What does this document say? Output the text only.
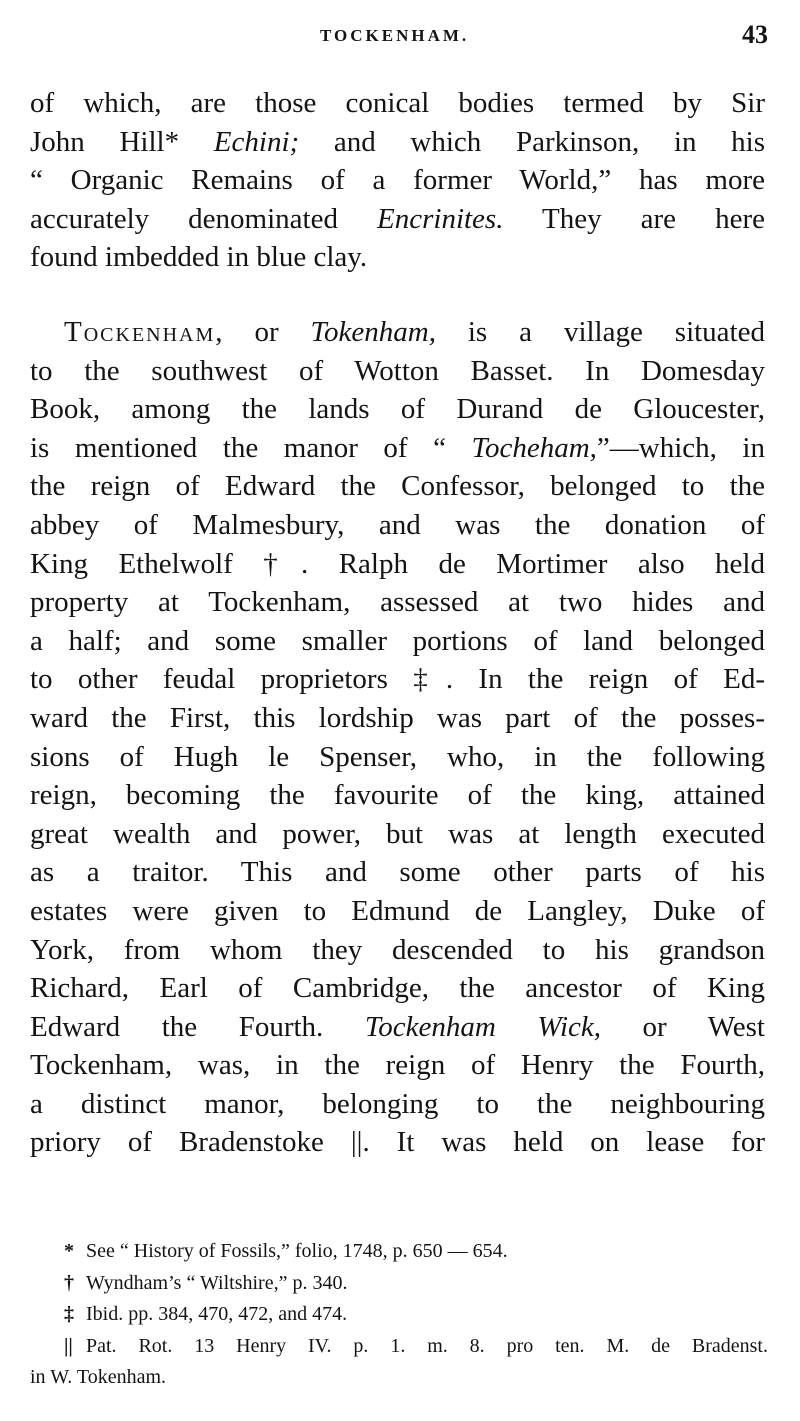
TOCKENHAM.	43
of which, are those conical bodies termed by Sir
John Hill* Echini; and which Parkinson, in his
“ Organic Remains of a former World,” has more
accurately denominated Encrinites. They are here
found imbedded in blue clay.
Tockenham, or Tokenham, is a village situated
to the southwest of Wotton Basset. In Domesday
Book, among the lands of Durand de Gloucester,
is mentioned the manor of “ Tocheham,”—which, in
the reign of Edward the Confessor, belonged to the
abbey of Malmesbury, and was the donation of
King Ethelwolf †. Ralph de Mortimer also held
property at Tockenham, assessed at two hides and
a half; and some smaller portions of land belonged
to other feudal proprietors ‡. In the reign of Ed-
ward the First, this lordship was part of the posses-
sions of Hugh le Spenser, who, in the following
reign, becoming the favourite of the king, attained
great wealth and power, but was at length executed
as a traitor. This and some other parts of his
estates were given to Edmund de Langley, Duke of
York, from whom they descended to his grandson
Richard, Earl of Cambridge, the ancestor of King
Edward the Fourth. Tockenham Wick, or West
Tockenham, was, in the reign of Henry the Fourth,
a distinct manor, belonging to the neighbouring
priory of Bradenstoke ||. It was held on lease for
* See “ History of Fossils,” folio, 1748, p. 650 — 654.
† Wyndham’s “ Wiltshire,” p. 340.
‡ Ibid. pp. 384, 470, 472, and 474.
|| Pat. Rot. 13 Henry IV. p. 1. m. 8. pro ten. M. de Bradenst.
in W. Tokenham.
